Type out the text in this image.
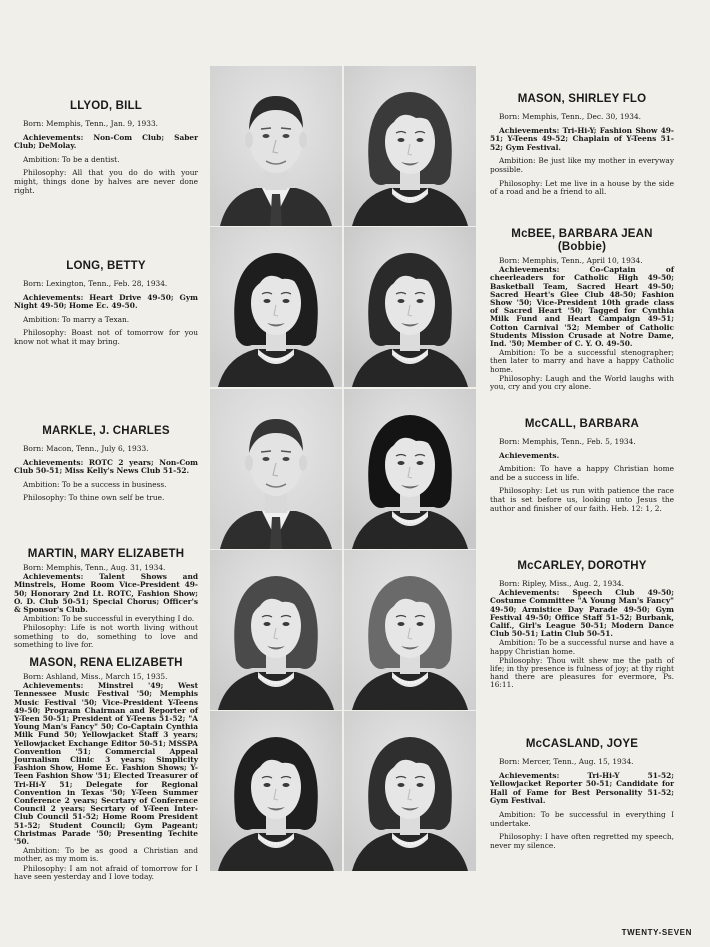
LLYOD, BILL

Born: Memphis, Tenn., Jan. 9, 1933.

Achievements: Non-Com Club; Saber Club; DeMolay.

Ambition: To be a dentist.

Philosophy: All that you do do with your might, things done by halves are never done right.

LONG, BETTY

Born: Lexington, Tenn., Feb. 28, 1934.

Achievements: Heart Drive 49-50; Gym Night 49-50; Home Ec. 49-50.

Ambition: To marry a Texan.

Philosophy: Boast not of tomorrow for you know not what it may bring.

MARKLE, J. CHARLES

Born: Macon, Tenn., July 6, 1933.

Achievements: ROTC 2 years; Non-Com Club 50-51; Miss Kelly's News Club 51-52.

Ambition: To be a success in business.

Philosophy: To thine own self be true.

MARTIN, MARY ELIZABETH

Born: Memphis, Tenn., Aug. 31, 1934.

Achievements: Talent Shows and Minstrels, Home Room Vice-President 49-50; Honorary 2nd Lt. ROTC, Fashion Show; O. D. Club 50-51; Special Chorus; Officer's & Sponsor's Club.

Ambition: To be successful in everything I do.

Philosophy: Life is not worth living without something to do, something to love and something to live for.

MASON, RENA ELIZABETH

Born: Ashland, Miss., March 15, 1935.

Achievements: Minstrel '49; West Tennessee Music Festival '50; Memphis Music Festival '50; Vice-President Y-Teens 49-50; Program Chairman and Reporter of Y-Teen 50-51; President of Y-Teens 51-52; "A Young Man's Fancy" 50; Co-Captain Cynthia Milk Fund 50; Yellowjacket Staff 3 years; Yellowjacket Exchange Editor 50-51; MSSPA Convention '51; Commercial Appeal Journalism Clinic 3 years; Simplicity Fashion Show, Home Ec. Fashion Shows; Y-Teen Fashion Show '51; Elected Treasurer of Tri-Hi-Y 51; Delegate for Regional Convention in Texas '50; Y-Teen Summer Conference 2 years; Secrtary of Conference Council 2 years; Secrtary of Y-Teen Inter-Club Council 51-52; Home Room President 51-52; Student Council; Gym Pageant; Christmas Parade '50; Presenting Techite '50.

Ambition: To be as good a Christian and mother, as my mom is.

Philosophy: I am not afraid of tomorrow for I have seen yesterday and I love today.

MASON, SHIRLEY FLO

Born: Memphis, Tenn., Dec. 30, 1934.

Achievements: Tri-Hi-Y; Fashion Show 49-51; Y-Teens 49-52; Chaplain of Y-Teens 51-52; Gym Festival.

Ambition: Be just like my mother in everyway possible.

Philosophy: Let me live in a house by the side of a road and be a friend to all.

McBEE, BARBARA JEAN
(Bobbie)

Born: Memphis, Tenn., April 10, 1934.

Achievements: Co-Captain of cheerleaders for Catholic High 49-50; Basketball Team, Sacred Heart 49-50; Sacred Heart's Glee Club 48-50; Fashion Show '50; Vice-President 10th grade class of Sacred Heart '50; Tagged for Cynthia Milk Fund and Heart Campaign 49-51; Cotton Carnival '52; Member of Catholic Students Mission Crusade at Notre Dame, Ind. '50; Member of C. Y. O. 49-50.

Ambition: To be a successful stenographer; then later to marry and have a happy Catholic home.

Philosophy: Laugh and the World laughs with you, cry and you cry alone.

McCALL, BARBARA

Born: Memphis, Tenn., Feb. 5, 1934.

Achievements.

Ambition: To have a happy Christian home and be a success in life.

Philosophy: Let us run with patience the race that is set before us, looking unto Jesus the author and finisher of our faith. Heb. 12: 1, 2.

McCARLEY, DOROTHY

Born: Ripley, Miss., Aug. 2, 1934.

Achievements: Speech Club 49-50; Costume Committee "A Young Man's Fancy" 49-50; Armistice Day Parade 49-50; Gym Festival 49-50; Office Staff 51-52; Burbank, Calif., Girl's League 50-51; Modern Dance Club 50-51; Latin Club 50-51.

Ambition: To be a successful nurse and have a happy Christian home.

Philosophy: Thou wilt shew me the path of life; in thy presence is fulness of joy; at thy right hand there are pleasures for evermore, Ps. 16:11.

McCASLAND, JOYE

Born: Mercer, Tenn., Aug. 15, 1934.

Achievements: Tri-Hi-Y 51-52; Yellowjacket Reporter 50-51; Candidate for Hall of Fame for Best Personality 51-52; Gym Festival.

Ambition: To be successful in everything I undertake.

Philosophy: I have often regretted my speech, never my silence.

TWENTY-SEVEN
